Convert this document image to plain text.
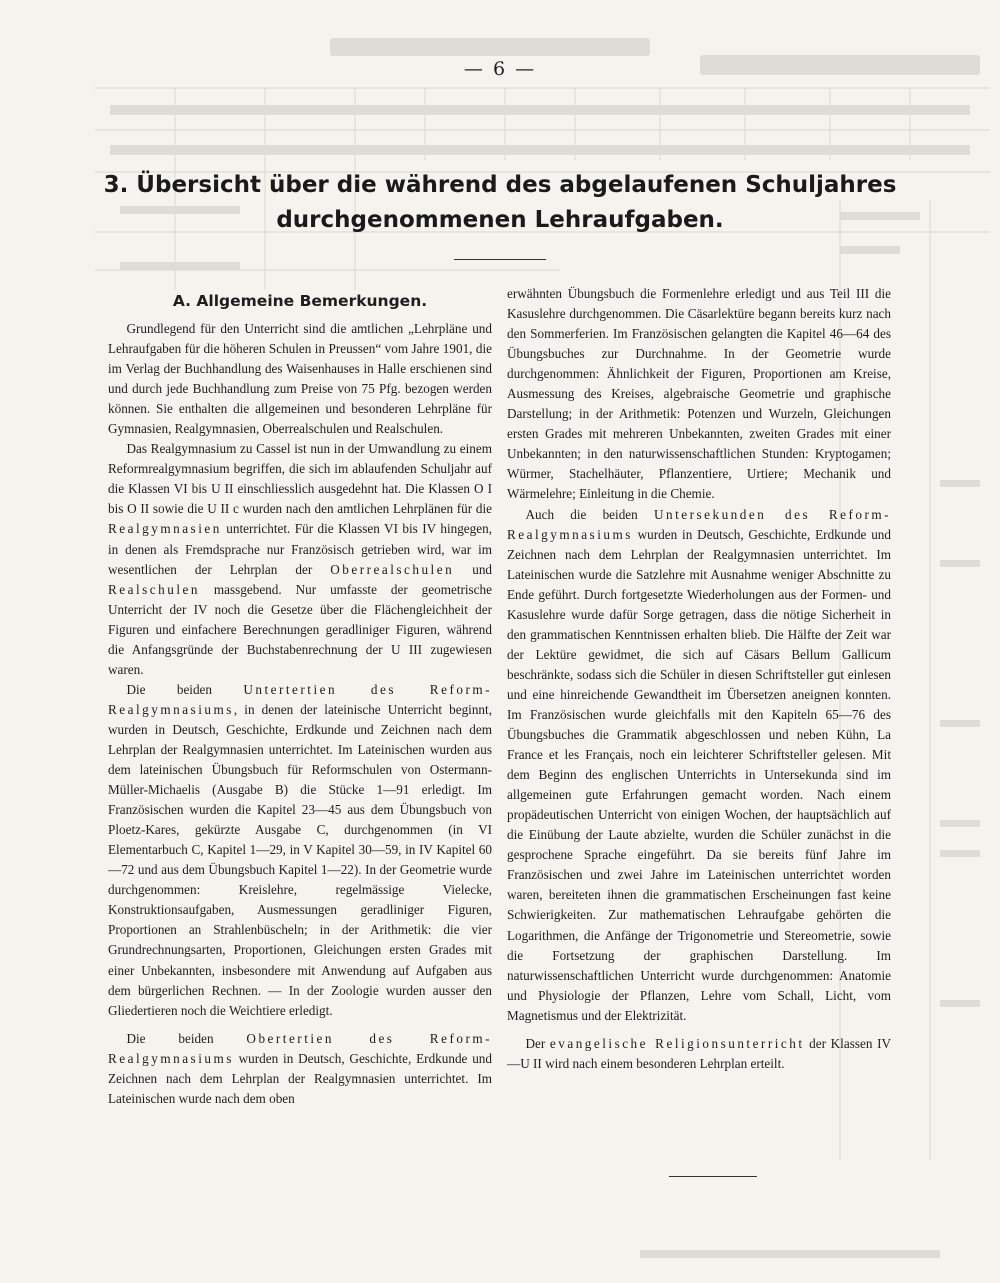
— 6 —
3. Übersicht über die während des abgelaufenen Schuljahres durchgenommenen Lehraufgaben.
A. Allgemeine Bemerkungen.

Grundlegend für den Unterricht sind die amtlichen „Lehrpläne und Lehraufgaben für die höheren Schulen in Preussen“ vom Jahre 1901, die im Verlag der Buchhandlung des Waisenhauses in Halle erschienen sind und durch jede Buchhandlung zum Preise von 75 Pfg. bezogen werden können. Sie enthalten die allgemeinen und besonderen Lehrpläne für Gymnasien, Realgymnasien, Oberrealschulen und Realschulen.

Das Realgymnasium zu Cassel ist nun in der Umwandlung zu einem Reformrealgymnasium begriffen, die sich im ablaufenden Schuljahr auf die Klassen VI bis U II einschliesslich ausgedehnt hat. Die Klassen O I bis O II sowie die U II c wurden nach den amtlichen Lehrplänen für die Realgymnasien unterrichtet. Für die Klassen VI bis IV hingegen, in denen als Fremdsprache nur Französisch getrieben wird, war im wesentlichen der Lehrplan der Oberrealschulen und Realschulen massgebend. Nur umfasste der geometrische Unterricht der IV noch die Gesetze über die Flächengleichheit der Figuren und einfachere Berechnungen geradliniger Figuren, während die Anfangsgründe der Buchstabenrechnung der U III zugewiesen waren.

Die beiden Untertertien des Reform-Realgymnasiums, in denen der lateinische Unterricht beginnt, wurden in Deutsch, Geschichte, Erdkunde und Zeichnen nach dem Lehrplan der Realgymnasien unterrichtet. Im Lateinischen wurden aus dem lateinischen Übungsbuch für Reformschulen von Ostermann-Müller-Michaelis (Ausgabe B) die Stücke 1—91 erledigt. Im Französischen wurden die Kapitel 23—45 aus dem Übungsbuch von Ploetz-Kares, gekürzte Ausgabe C, durchgenommen (in VI Elementarbuch C, Kapitel 1—29, in V Kapitel 30—59, in IV Kapitel 60—72 und aus dem Übungsbuch Kapitel 1—22). In der Geometrie wurde durchgenommen: Kreislehre, regelmässige Vielecke, Konstruktionsaufgaben, Ausmessungen geradliniger Figuren, Proportionen an Strahlenbüscheln; in der Arithmetik: die vier Grundrechnungsarten, Proportionen, Gleichungen ersten Grades mit einer Unbekannten, insbesondere mit Anwendung auf Aufgaben aus dem bürgerlichen Rechnen. — In der Zoologie wurden ausser den Gliedertieren noch die Weichtiere erledigt.

Die beiden Obertertien des Reform-Realgymnasiums wurden in Deutsch, Geschichte, Erdkunde und Zeichnen nach dem Lehrplan der Realgymnasien unterrichtet. Im Lateinischen wurde nach dem oben

erwähnten Übungsbuch die Formenlehre erledigt und aus Teil III die Kasuslehre durchgenommen. Die Cäsarlektüre begann bereits kurz nach den Sommerferien. Im Französischen gelangten die Kapitel 46—64 des Übungsbuches zur Durchnahme. In der Geometrie wurde durchgenommen: Ähnlichkeit der Figuren, Proportionen am Kreise, Ausmessung des Kreises, algebraische Geometrie und graphische Darstellung; in der Arithmetik: Potenzen und Wurzeln, Gleichungen ersten Grades mit mehreren Unbekannten, zweiten Grades mit einer Unbekannten; in den naturwissenschaftlichen Stunden: Kryptogamen; Würmer, Stachelhäuter, Pflanzentiere, Urtiere; Mechanik und Wärmelehre; Einleitung in die Chemie.

Auch die beiden Untersekunden des Reform-Realgymnasiums wurden in Deutsch, Geschichte, Erdkunde und Zeichnen nach dem Lehrplan der Realgymnasien unterrichtet. Im Lateinischen wurde die Satzlehre mit Ausnahme weniger Abschnitte zu Ende geführt. Durch fortgesetzte Wiederholungen aus der Formen- und Kasuslehre wurde dafür Sorge getragen, dass die nötige Sicherheit in den grammatischen Kenntnissen erhalten blieb. Die Hälfte der Zeit war der Lektüre gewidmet, die sich auf Cäsars Bellum Gallicum beschränkte, sodass sich die Schüler in diesen Schriftsteller gut einlesen und eine hinreichende Gewandtheit im Übersetzen aneignen konnten. Im Französischen wurde gleichfalls mit den Kapiteln 65—76 des Übungsbuches die Grammatik abgeschlossen und neben Kühn, La France et les Français, noch ein leichterer Schriftsteller gelesen. Mit dem Beginn des englischen Unterrichts in Untersekunda sind im allgemeinen gute Erfahrungen gemacht worden. Nach einem propädeutischen Unterricht von einigen Wochen, der hauptsächlich auf die Einübung der Laute abzielte, wurden die Schüler zunächst in die gesprochene Sprache eingeführt. Da sie bereits fünf Jahre im Französischen und zwei Jahre im Lateinischen unterrichtet worden waren, bereiteten ihnen die grammatischen Erscheinungen fast keine Schwierigkeiten. Zur mathematischen Lehraufgabe gehörten die Logarithmen, die Anfänge der Trigonometrie und Stereometrie, sowie die Fortsetzung der graphischen Darstellung. Im naturwissenschaftlichen Unterricht wurde durchgenommen: Anatomie und Physiologie der Pflanzen, Lehre vom Schall, Licht, vom Magnetismus und der Elektrizität.

Der evangelische Religionsunterricht der Klassen IV—U II wird nach einem besonderen Lehrplan erteilt.
